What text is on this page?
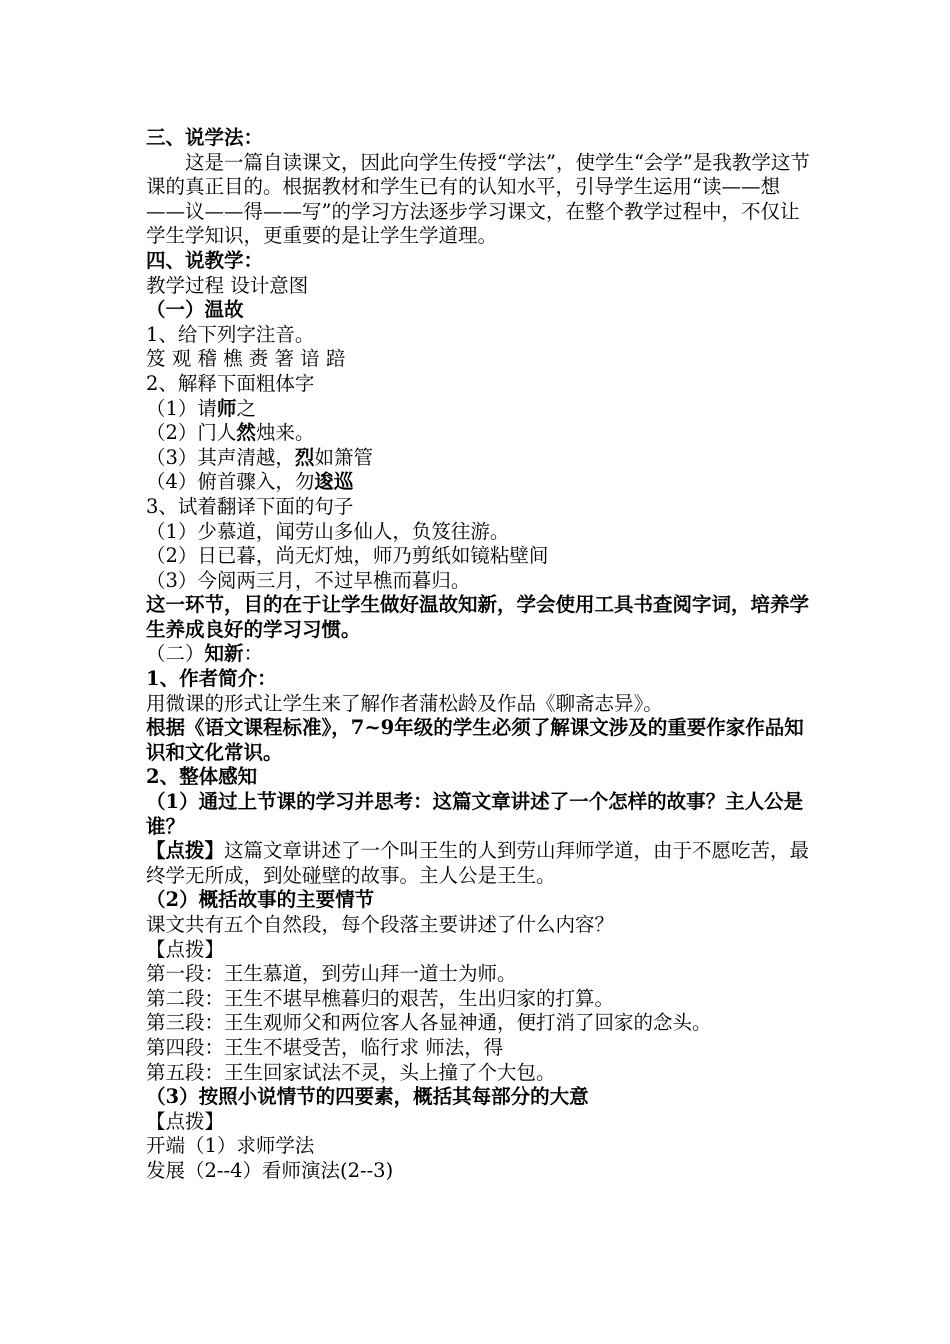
三、说学法：

这是一篇自读课文，因此向学生传授“学法”，使学生“会学”是我教学这节课的真正目的。根据教材和学生已有的认知水平，引导学生运用“读——想——议——得——写”的学习方法逐步学习课文，在整个教学过程中，不仅让学生学知识，更重要的是让学生学道理。

四、说教学：

教学过程 设计意图

（一）温故

1、给下列字注音。

笈 观 稽 樵 赉 箸 谙 踣

2、解释下面粗体字

（1）请师之

（2）门人然烛来。

（3）其声清越，烈如箫管

（4）俯首骤入，勿逡巡

3、试着翻译下面的句子

（1）少慕道，闻劳山多仙人，负笈往游。

（2）日已暮，尚无灯烛，师乃剪纸如镜粘壁间

（3）今阅两三月，不过早樵而暮归。

这一环节，目的在于让学生做好温故知新，学会使用工具书查阅字词，培养学生养成良好的学习习惯。

（二）知新：

1、作者简介：

用微课的形式让学生来了解作者蒲松龄及作品《聊斋志异》。

根据《语文课程标准》，7~9年级的学生必须了解课文涉及的重要作家作品知识和文化常识。

2、整体感知

（1）通过上节课的学习并思考：这篇文章讲述了一个怎样的故事？主人公是谁？

【点拨】这篇文章讲述了一个叫王生的人到劳山拜师学道，由于不愿吃苦，最终学无所成，到处碰壁的故事。主人公是王生。

（2）概括故事的主要情节

课文共有五个自然段，每个段落主要讲述了什么内容？

【点拨】

第一段：王生慕道，到劳山拜一道士为师。

第二段：王生不堪早樵暮归的艰苦，生出归家的打算。

第三段：王生观师父和两位客人各显神通，便打消了回家的念头。

第四段：王生不堪受苦，临行求 师法，得

第五段：王生回家试法不灵，头上撞了个大包。

（3）按照小说情节的四要素，概括其每部分的大意

【点拨】

开端（1）求师学法

发展（2--4）看师演法(2--3)
